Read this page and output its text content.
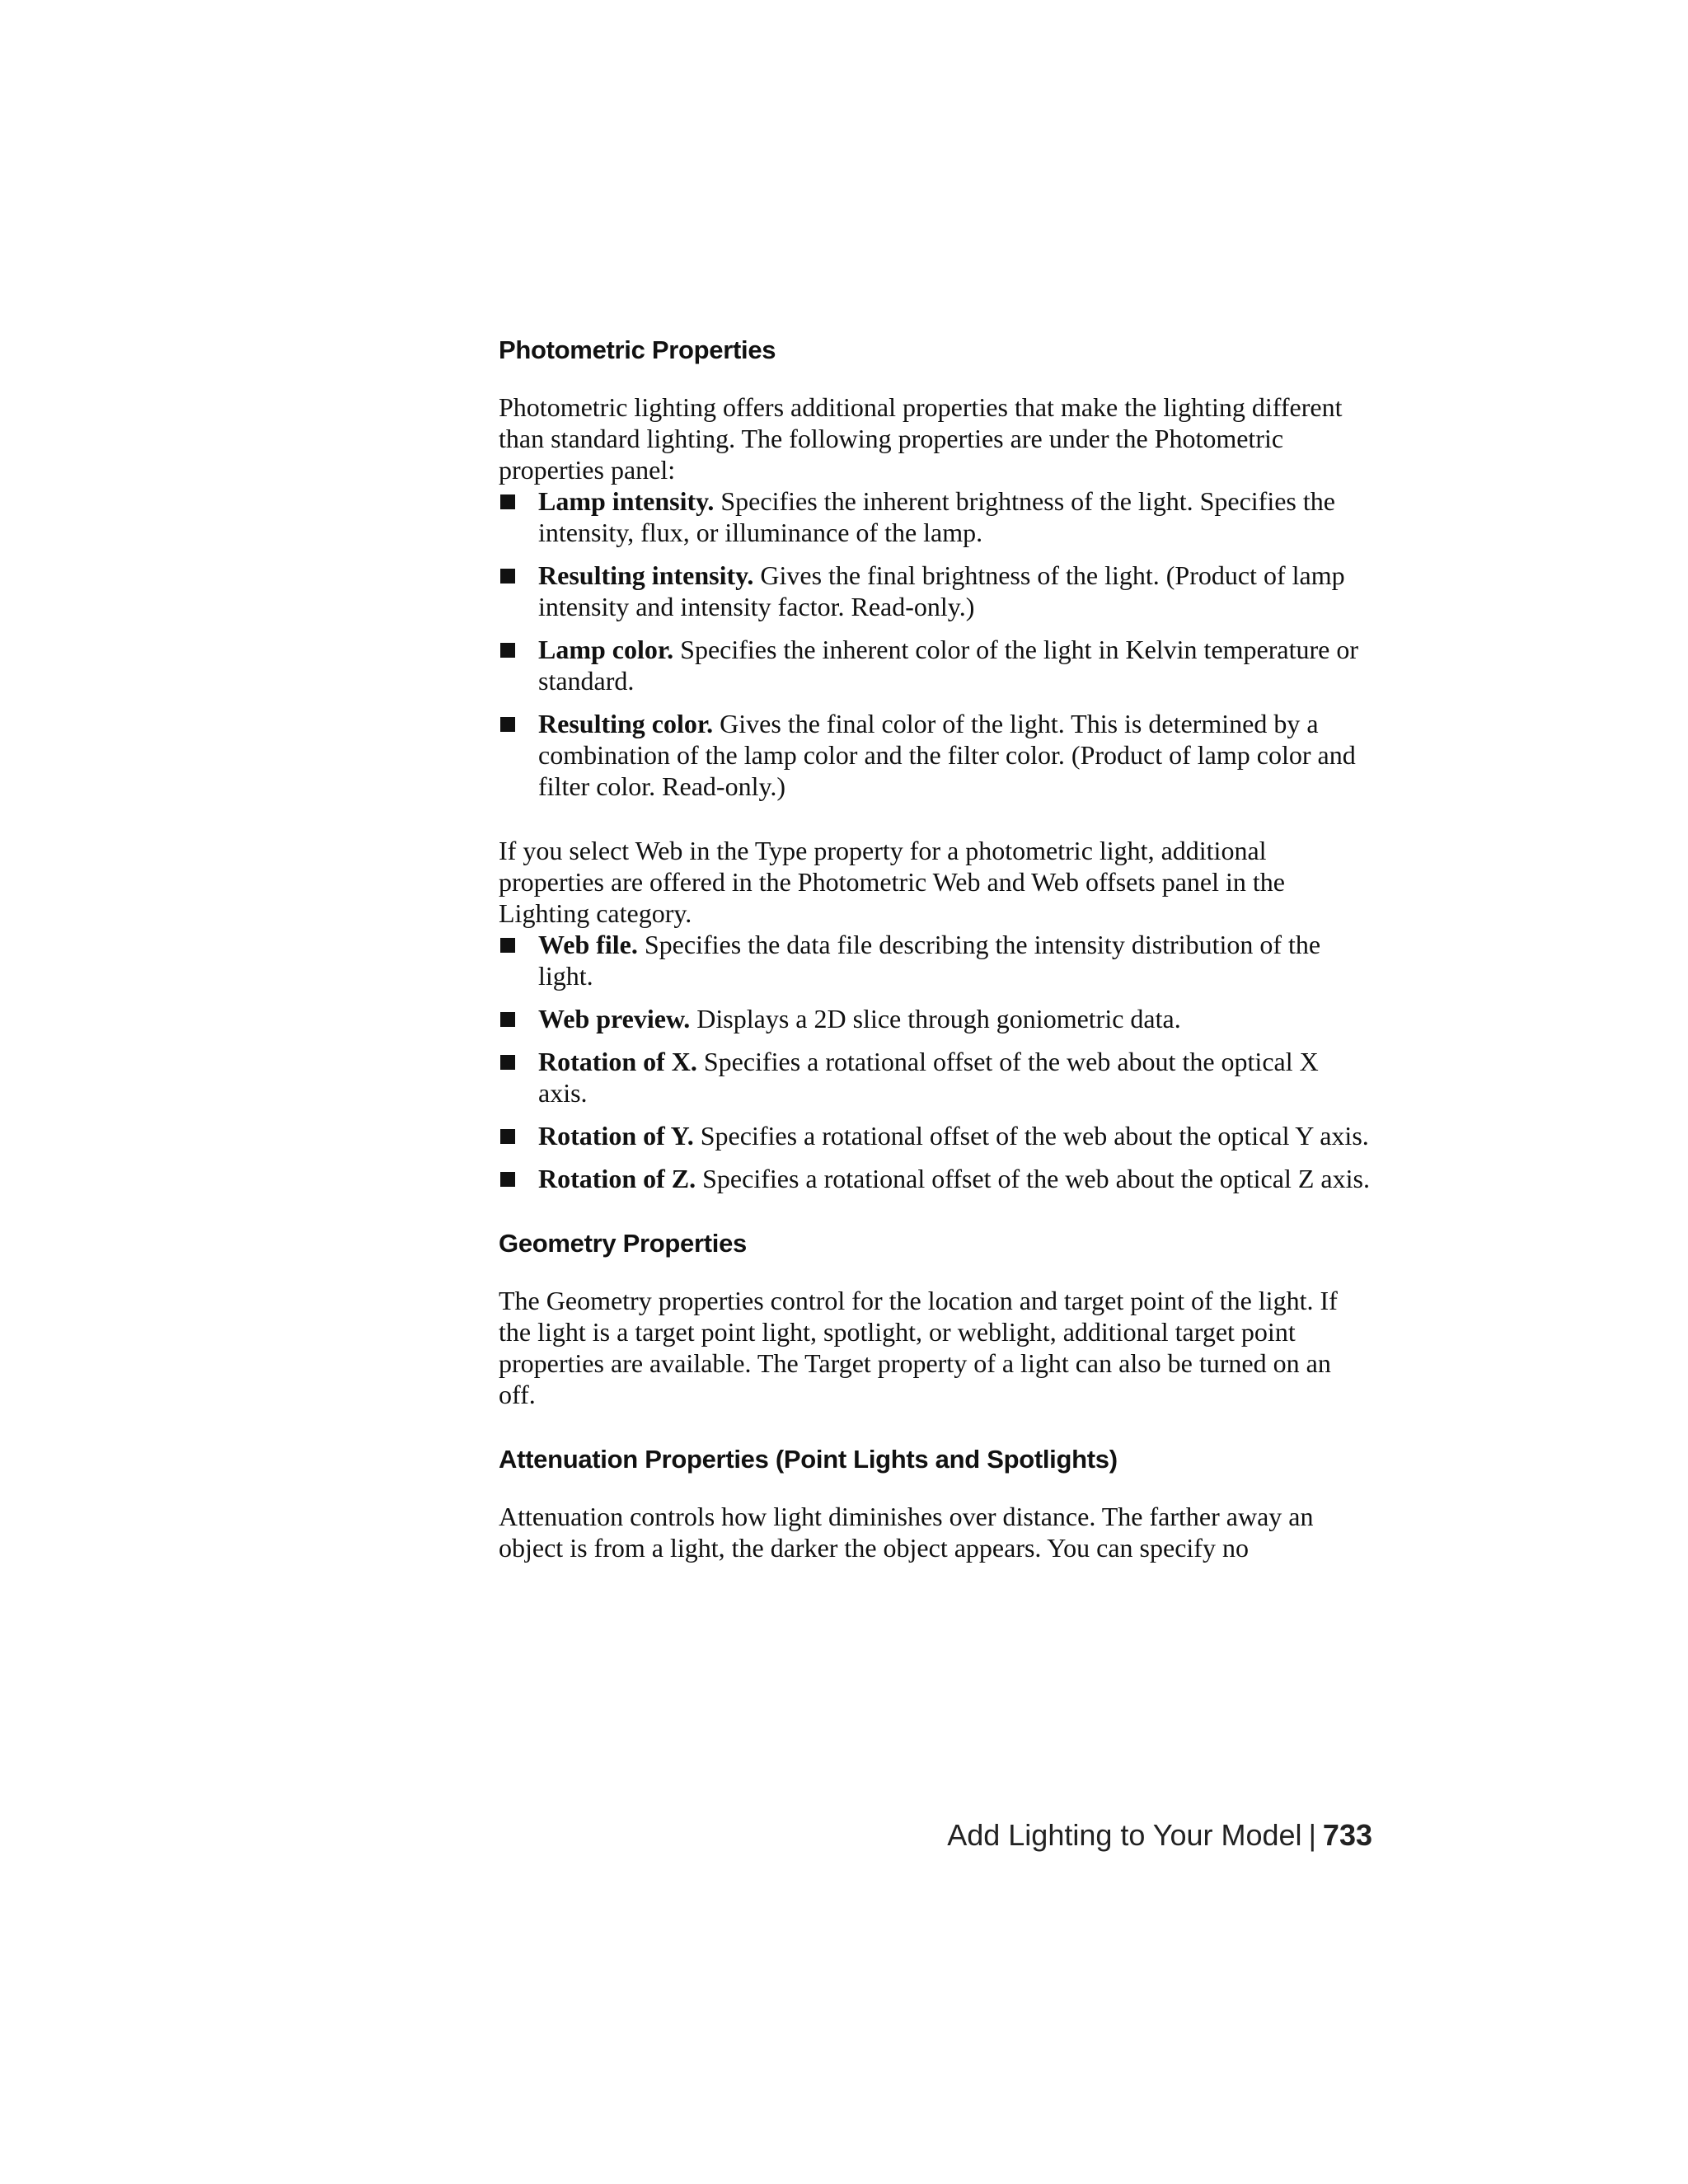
Photometric Properties

Photometric lighting offers additional properties that make the lighting different than standard lighting. The following properties are under the Photometric properties panel:

Lamp intensity. Specifies the inherent brightness of the light. Specifies the intensity, flux, or illuminance of the lamp.
Resulting intensity. Gives the final brightness of the light. (Product of lamp intensity and intensity factor. Read-only.)
Lamp color. Specifies the inherent color of the light in Kelvin temperature or standard.
Resulting color. Gives the final color of the light. This is determined by a combination of the lamp color and the filter color. (Product of lamp color and filter color. Read-only.)

If you select Web in the Type property for a photometric light, additional properties are offered in the Photometric Web and Web offsets panel in the Lighting category.

Web file. Specifies the data file describing the intensity distribution of the light.
Web preview. Displays a 2D slice through goniometric data.
Rotation of X. Specifies a rotational offset of the web about the optical X axis.
Rotation of Y. Specifies a rotational offset of the web about the optical Y axis.
Rotation of Z. Specifies a rotational offset of the web about the optical Z axis.
Geometry Properties

The Geometry properties control for the location and target point of the light. If the light is a target point light, spotlight, or weblight, additional target point properties are available. The Target property of a light can also be turned on an off.

Attenuation Properties (Point Lights and Spotlights)

Attenuation controls how light diminishes over distance. The farther away an object is from a light, the darker the object appears. You can specify no

Add Lighting to Your Model | 733
